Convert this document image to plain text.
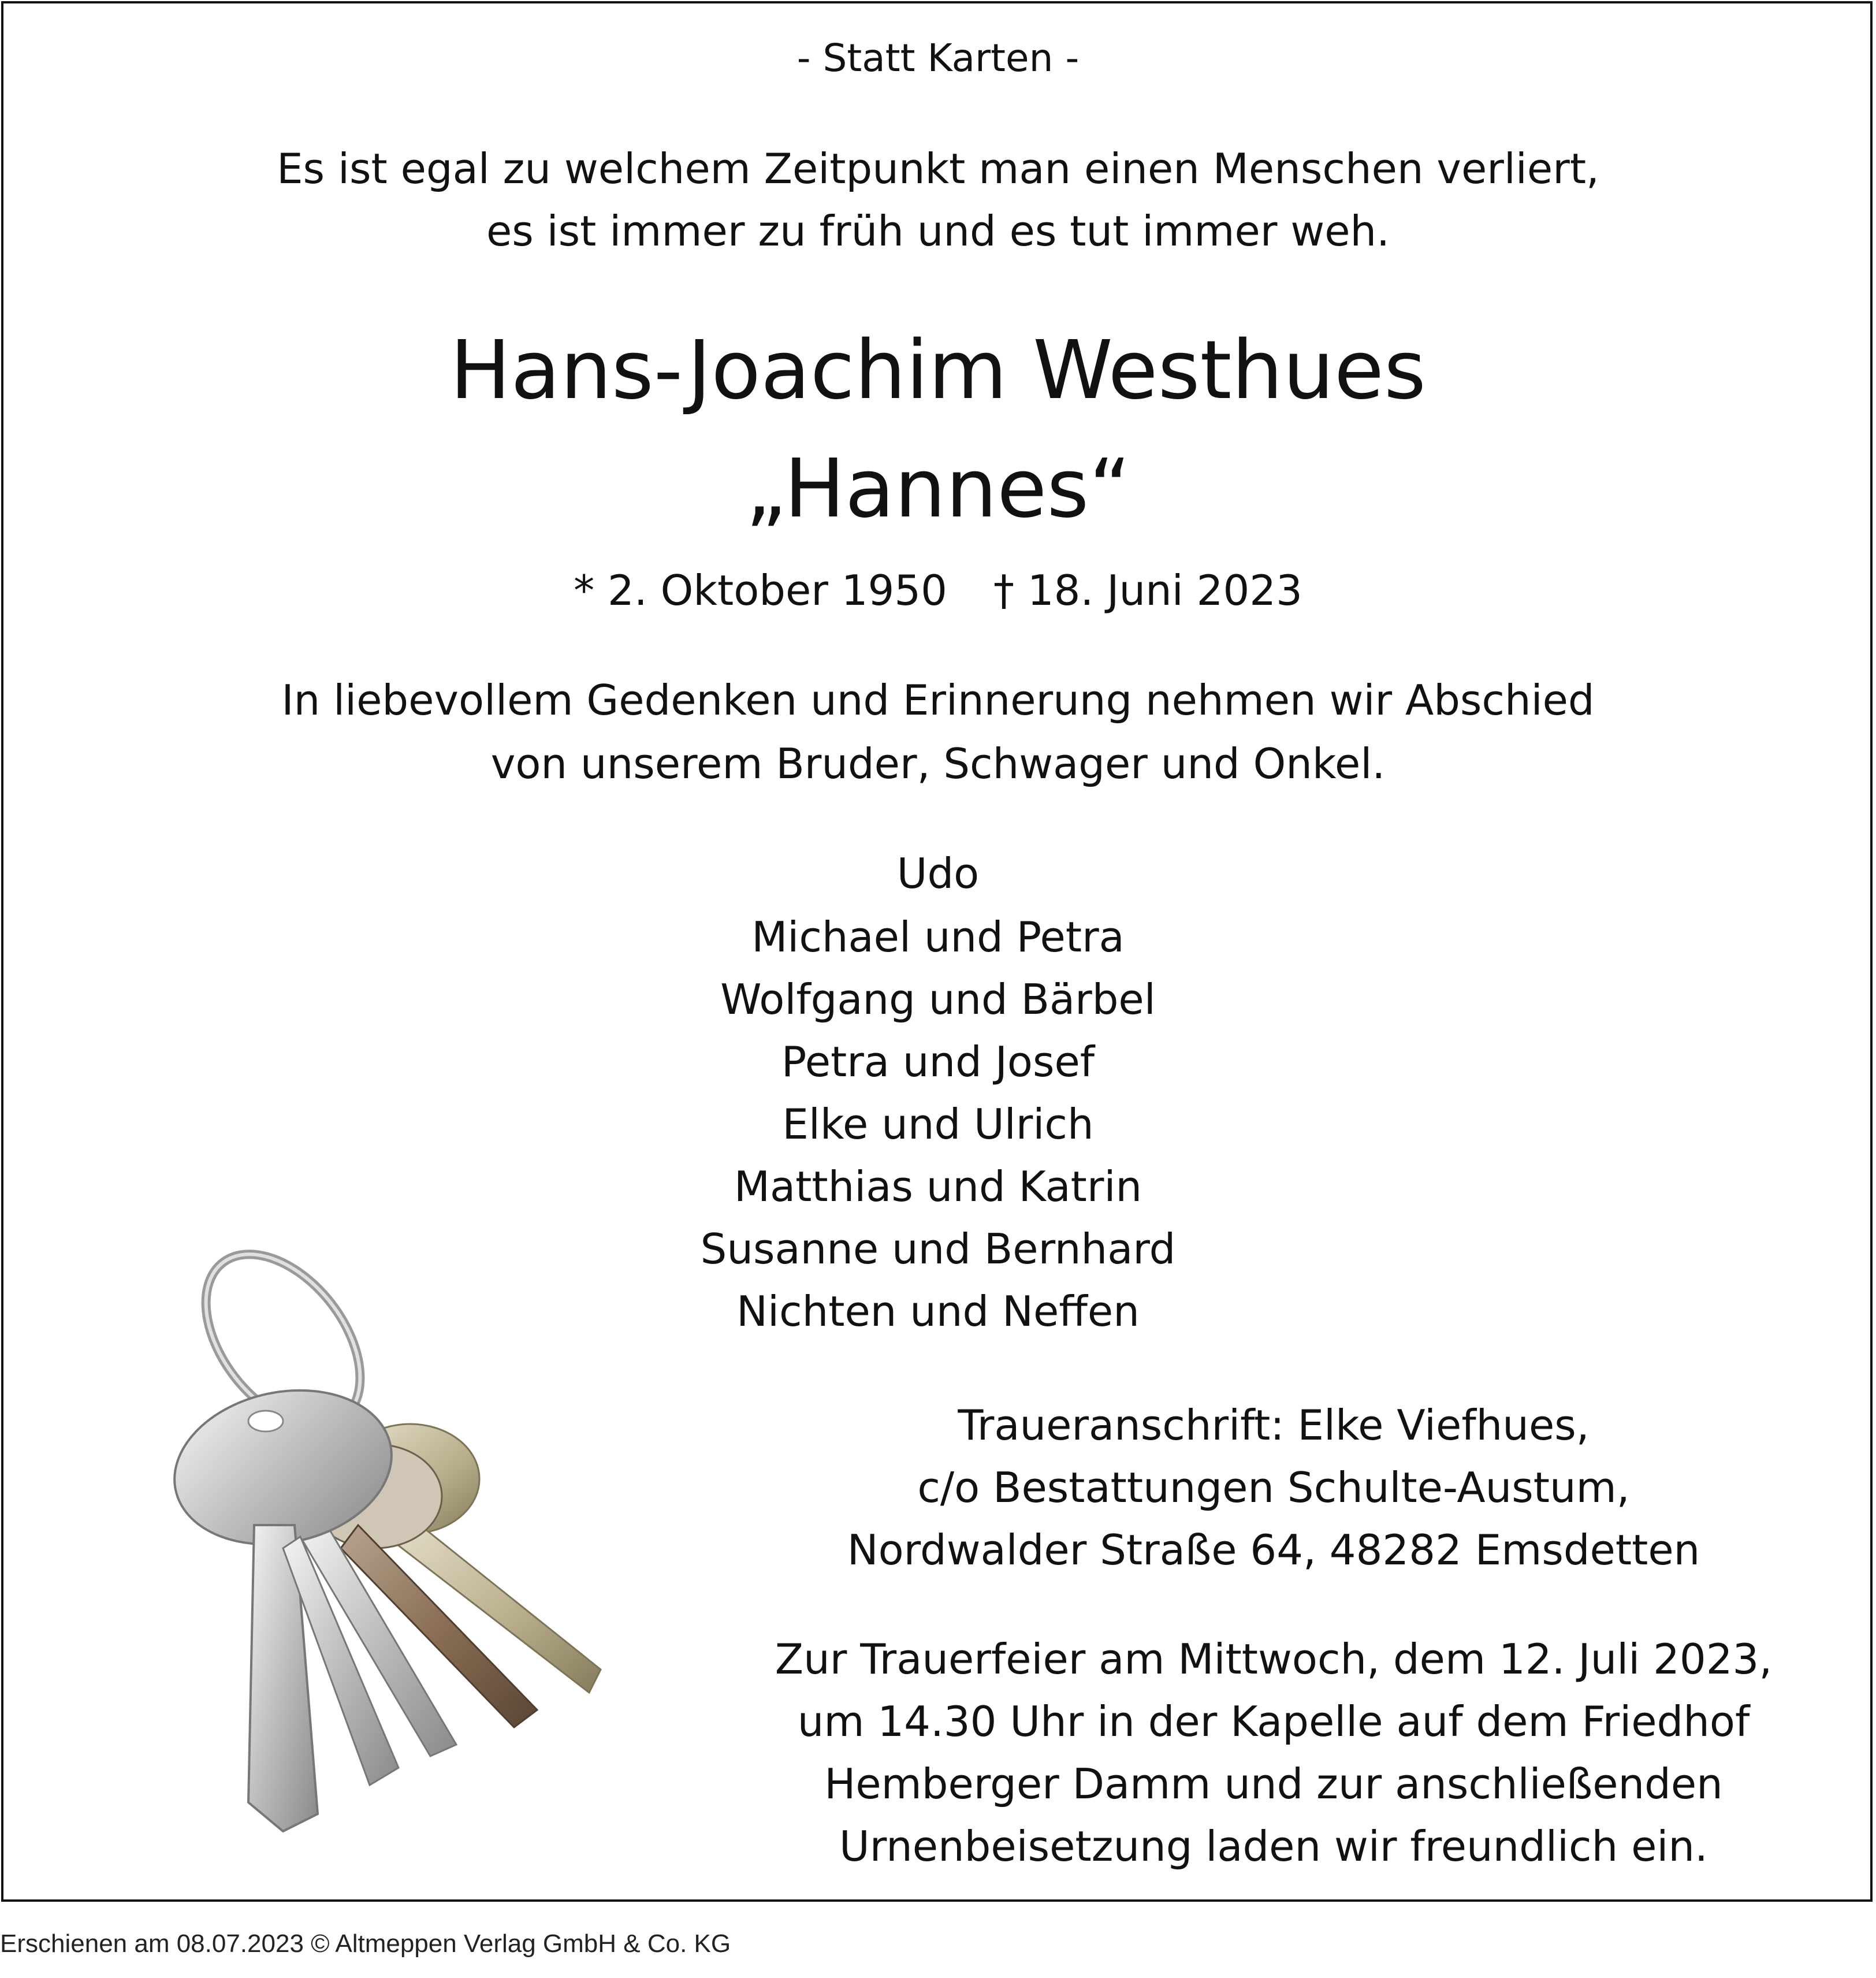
- Statt Karten -
Es ist egal zu welchem Zeitpunkt man einen Menschen verliert,
es ist immer zu früh und es tut immer weh.
Hans-Joachim Westhues
„Hannes“
* 2. Oktober 1950 † 18. Juni 2023
In liebevollem Gedenken und Erinnerung nehmen wir Abschied
von unserem Bruder, Schwager und Onkel.
Udo
Michael und Petra
Wolfgang und Bärbel
Petra und Josef
Elke und Ulrich
Matthias und Katrin
Susanne und Bernhard
Nichten und Neffen
Traueranschrift: Elke Viefhues,
c/o Bestattungen Schulte-Austum,
Nordwalder Straße 64, 48282 Emsdetten
Zur Trauerfeier am Mittwoch, dem 12. Juli 2023,
um 14.30 Uhr in der Kapelle auf dem Friedhof
Hemberger Damm und zur anschließenden
Urnenbeisetzung laden wir freundlich ein.
Erschienen am 08.07.2023 © Altmeppen Verlag GmbH & Co. KG
